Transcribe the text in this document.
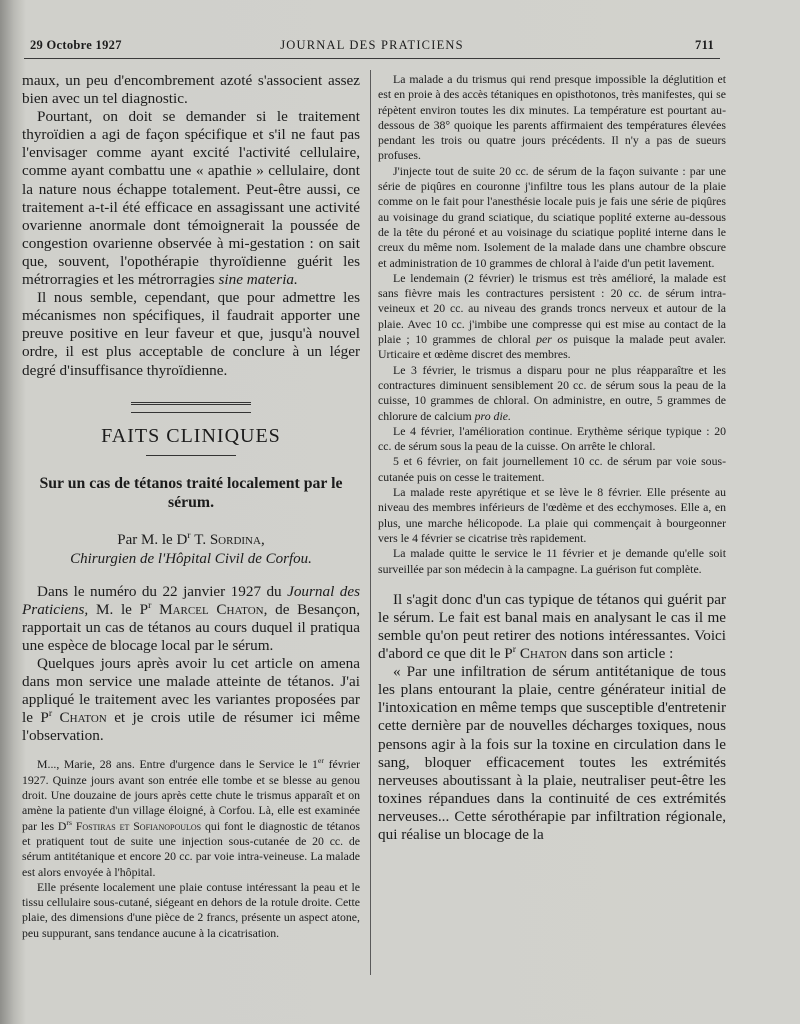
29 Octobre 1927	JOURNAL DES PRATICIENS	711

maux, un peu d'encombrement azoté s'associent assez bien avec un tel diagnostic.

Pourtant, on doit se demander si le traitement thyroïdien a agi de façon spécifique et s'il ne faut pas l'envisager comme ayant excité l'activité cellulaire, comme ayant combattu une « apathie » cellulaire, dont la nature nous échappe totalement. Peut-être aussi, ce traitement a-t-il été efficace en assagissant une activité ovarienne anormale dont témoignerait la poussée de congestion ovarienne observée à mi-gestation : on sait que, souvent, l'opothérapie thyroïdienne guérit les métrorragies et les métrorragies sine materia.

Il nous semble, cependant, que pour admettre les mécanismes non spécifiques, il faudrait apporter une preuve positive en leur faveur et que, jusqu'à nouvel ordre, il est plus acceptable de conclure à un léger degré d'insuffisance thyroïdienne.

FAITS CLINIQUES
Sur un cas de tétanos traité localement par le sérum.
Par M. le $D^r$ T. Sordina,
Chirurgien de l'Hôpital Civil de Corfou.

Dans le numéro du 22 janvier 1927 du Journal des Praticiens, M. le $P^r$ Marcel Chaton, de Besançon, rapportait un cas de tétanos au cours duquel il pratiqua une espèce de blocage local par le sérum.

Quelques jours après avoir lu cet article on amena dans mon service une malade atteinte de tétanos. J'ai appliqué le traitement avec les variantes proposées par le $P^r$ Chaton et je crois utile de résumer ici même l'observation.

M..., Marie, 28 ans. Entre d'urgence dans le Service le 1er février 1927. Quinze jours avant son entrée elle tombe et se blesse au genou droit. Une douzaine de jours après cette chute le trismus apparaît et on amène la patiente d'un village éloigné, à Corfou. Là, elle est examinée par les $D^{rs}$ Fostiras et Sofianopoulos qui font le diagnostic de tétanos et pratiquent tout de suite une injection sous-cutanée de 20 cc. de sérum antitétanique et encore 20 cc. par voie intra-veineuse. La malade est alors envoyée à l'hôpital.

Elle présente localement une plaie contuse intéressant la peau et le tissu cellulaire sous-cutané, siégeant en dehors de la rotule droite. Cette plaie, des dimensions d'une pièce de 2 francs, présente un aspect atone, peu suppurant, sans tendance aucune à la cicatrisation.

La malade a du trismus qui rend presque impossible la déglutition et est en proie à des accès tétaniques en opisthotonos, très manifestes, qui se répètent environ toutes les dix minutes. La température est pourtant au-dessous de 38° quoique les parents affirmaient des températures élevées pendant les trois ou quatre jours précédents. Il n'y a pas de sueurs profuses.

J'injecte tout de suite 20 cc. de sérum de la façon suivante : par une série de piqûres en couronne j'infiltre tous les plans autour de la plaie comme on le fait pour l'anesthésie locale puis je fais une série de piqûres au voisinage du grand sciatique, du sciatique poplité externe au-dessous de la tête du péroné et au voisinage du sciatique poplité interne dans le creux du même nom. Isolement de la malade dans une chambre obscure et administration de 10 grammes de chloral à l'aide d'un petit lavement.

Le lendemain (2 février) le trismus est très amélioré, la malade est sans fièvre mais les contractures persistent : 20 cc. de sérum intra-veineux et 20 cc. au niveau des grands troncs nerveux et autour de la plaie. Avec 10 cc. j'imbibe une compresse qui est mise au contact de la plaie ; 10 grammes de chloral per os puisque la malade peut avaler. Urticaire et œdème discret des membres.

Le 3 février, le trismus a disparu pour ne plus réapparaître et les contractures diminuent sensiblement 20 cc. de sérum sous la peau de la cuisse, 10 grammes de chloral. On administre, en outre, 5 grammes de chlorure de calcium pro die.

Le 4 février, l'amélioration continue. Erythème sérique typique : 20 cc. de sérum sous la peau de la cuisse. On arrête le chloral.

5 et 6 février, on fait journellement 10 cc. de sérum par voie sous-cutanée puis on cesse le traitement.

La malade reste apyrétique et se lève le 8 février. Elle présente au niveau des membres inférieurs de l'œdème et des ecchymoses. Elle a, en plus, une marche hélicopode. La plaie qui commençait à bourgeonner vers le 4 février se cicatrise très rapidement.

La malade quitte le service le 11 février et je demande qu'elle soit surveillée par son médecin à la campagne. La guérison fut complète.

Il s'agit donc d'un cas typique de tétanos qui guérit par le sérum. Le fait est banal mais en analysant le cas il me semble qu'on peut retirer des notions intéressantes. Voici d'abord ce que dit le $P^r$ Chaton dans son article :

« Par une infiltration de sérum antitétanique de tous les plans entourant la plaie, centre générateur initial de l'intoxication en même temps que susceptible d'entretenir cette dernière par de nouvelles décharges toxiques, nous pensons agir à la fois sur la toxine en circulation dans le sang, bloquer efficacement toutes les extrémités nerveuses aboutissant à la plaie, neutraliser peut-être les toxines répandues dans la continuité de ces extrémités nerveuses... Cette sérothérapie par infiltration régionale, qui réalise un blocage de la
